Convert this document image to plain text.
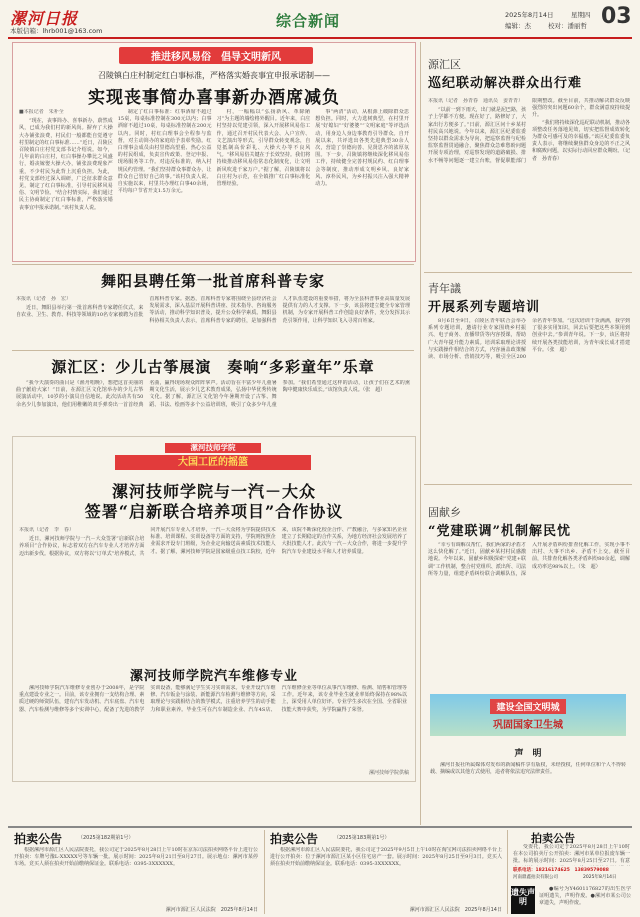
漯河日报
本版信箱：lhrb001@163.com
综合新闻	2025年8月14日	星期四
编辑：杰	校对：潘丽哲 03
推进移风易俗 倡导文明新风
召陵镇白庄村制定红白事标准，严格落实婚丧事宜申报承诺制——
实现丧事简办喜事新办酒席减负
■本报记者　朱补全

“现在，丧事简办、喜事新办，蔚然成风，已成为我们村的新风尚。摒弃了大操大办铺张浪费，村民们一般都能自觉遵守村里制定的红白事标准……”近日，召陵区召陵镇白庄村党支部书记介绍说。如今，几年前的白庄村，红白事操办攀比之风盛行，婚丧嫁娶大操大办，铺张浪费现象严重，不少村民为此背上沉重负担。为此，村党支部经过深入调研，广泛征求群众意见，制定了红白事标准，引导村民移风易俗、文明节俭。“结合村情实际，我们通过民主协商制定了红白事标准，严格落实婚丧事宜申报承诺制。”该村负责人说。

制定了红白事标准：红事酒席不超过15桌，每桌标准控制在300元以内；白事酒席不超过10桌，每桌标准控制在200元以内。同时，村红白理事会全程参与监督，对主动简办的家庭给予表彰奖励。红白理事会成员由村里德高望重、热心公益的村民组成，负责宣传政策、登记申报、现场服务等工作。对违反标准的，纳入村规民约管理。“我们坚持群众事群众办，让群众自己管好自己的事。”该村负责人说。自实施以来，村里共办理红白事40余场，平均每户节省开支1.5万余元。

村，一幅幅以“弘扬新风、革除陋习”为主题的墙绘格外醒目。近年来，白庄村坚持以党建引领，深入开展移风易俗工作，通过召开村民代表大会、入户宣传、文艺演出等形式，引导群众转变观念，自觉抵制高价彩礼、大操大办等不良风气。“移风易俗关键在于长效坚持。我们将持续推动移风易俗常态化制度化，让文明新风吹进千家万户。”据了解，召陵镇将以白庄村为示范，在全镇推广红白事标准化管理经验。

事“两清”活动，从根源上破除群众思想负担。同时，大力选树典型，在村里开展“好媳妇”“好婆婆”“文明家庭”等评选活动，用身边人身边事教育引导群众。自开展以来，共评选出各类先进典型30余人次，营造了崇德向善、见贤思齐的浓厚氛围。下一步，召陵镇将继续深化移风易俗工作，持续健全完善村规民约、红白理事会等制度，推动形成文明乡风、良好家风、淳朴民风，为乡村振兴注入强大精神动力。

源汇区
巡纪联动解决群众出行难
本报讯（记者　孙青春　通讯员　姜青青）

“以前一到下雨天，出门就是泥巴路，孩子上学都不方便。现在好了，路修好了，大家出行方便多了。”日前，源汇区问十乡某村村民高兴地说。今年以来，源汇区纪委监委坚持以群众需求为导向，把巡察监督与纪检监察监督贯通融合，聚焦群众急难愁盼问题开展专项治理，对巡察发现的道路破损、排水不畅等问题逐一建立台账，督促职能部门限期整改。截至目前，共推动解决群众反映强烈的突出问题60余个，群众满意度持续提升。

“我们将持续深化巡纪联动机制，推动各项整改任务落地见效，切实把监督成效转化为群众可感可及的幸福感。”该区纪委监委负责人表示，将继续聚焦群众身边的不正之风和腐败问题，以实际行动回应群众期盼。（记者　孙青春）

青年議
开展系列专题培训

8月6日至9日，召陵区青年联合会举办系列专题培训，邀请行业专家围绕乡村振兴、电子商务、直播带货等内容授课，帮助广大青年提升能力素质。培训采取理论讲授与实践操作相结合的方式，内容涵盖政策解读、市场分析、营销技巧等，吸引全区200余名青年参加。“这次培训干货满满，我学到了很多实用知识，回去后要把这些本领用到创业中去。”参训青年说。下一步，该区将持续开展各类技能培训，为青年成长成才搭建平台。（张　超）

固献乡
“党建联调”机制解民忧

“幸亏有调解员帮忙，我们两家的矛盾才这么快化解了。”近日，固献乡某村村民感激地说。今年以来，固献乡积极探索“党建+联调”工作机制，整合村党组织、派出所、司法所等力量，组建矛盾纠纷联合调解队伍，深入开展矛盾纠纷排查化解工作，实现小事不出村、大事不出乡、矛盾不上交。截至目前，共排查化解各类矛盾纠纷80余起，调解成功率达98%以上。（朱　超）

建设全国文明城
巩固国家卫生城
声　明

漯河日报社所属媒体对发布的新闻稿件享有版权，未经授权，任何单位和个人不得转载、摘编或以其他方式使用，违者将依法追究法律责任。

舞阳县聘任第一批首席科普专家
本报讯（记者　孙　宏）

近日，舞阳县举行第一批首席科普专家聘任仪式，来自农业、卫生、教育、科技等领域的10名专家被聘为首批首席科普专家。据悉，首席科普专家将围绕全县经济社会发展需求，深入基层开展科普讲座、技术指导、咨询服务等活动，推动科学知识普及，提升公众科学素质。舞阳县科协相关负责人表示，首席科普专家的聘任，是加强科普人才队伍建设的重要举措，将为全县科普事业高质量发展提供有力的人才支撑。下一步，该县将建立健全专家管理机制，为专家开展科普工作创造良好条件，充分发挥其示范引领作用，让科学知识飞入寻常百姓家。

源汇区：少儿古筝展演　奏响“多彩童年”乐章

“我今天演奏的曲目是《渔舟唱晚》，想把这首美丽的曲子献给大家！”日前，在源汇区文化馆举办的少儿古筝展演活动中，10岁的小演员自信地说。此次活动共有50余名少儿参加演出，他们用稚嫩的双手弹奏出一首首经典名曲，赢得现场观众阵阵掌声。活动旨在丰富少年儿童暑期文化生活，展示少儿艺术教育成果，弘扬中华优秀传统文化。据了解，源汇区文化馆今年暑期开设了古筝、舞蹈、书法、绘画等多个公益培训班，吸引了众多少年儿童参加。“我们希望通过这样的活动，让孩子们在艺术的熏陶中健康快乐成长。”该馆负责人说。（张　超）

漯河技师学院
大国工匠的摇篮
漯河技师学院与一汽－大众
签署“启新联合培养项目”合作协议
本报讯（记者　李　春）

近日，漯河技师学院与一汽－大众签署“启新联合培养项目”合作协议，标志着双方在汽车专业人才培养方面迈出新步伐。根据协议，双方将以“订单式”培养模式，共同开展汽车专业人才培养，一汽－大众将为学院提供技术标准、培训课程、实训设备等方面的支持，学院则按照企业需求开设专门班级，为企业定向输送高素质技术技能人才。据了解，漯河技师学院是国家级重点技工院校，近年来，该院不断深化校企合作、产教融合，与多家知名企业建立了长期稳定的合作关系，为地方经济社会发展培养了大批技能人才。此次与一汽－大众合作，将进一步提升学院汽车专业建设水平和人才培养质量。

漯河技师学院汽车维修专业

漯河技师学院汽车维修专业创办于2008年，是学院重点建设专业之一。目前，该专业拥有一支结构合理、素质过硬的师资队伍，建有汽车发动机、汽车底盘、汽车电器、汽车检测与维修等多个实训中心，配备了先进的教学实训设备，能够满足学生实习实训需求。专业开设汽车维修、汽车钣金与涂装、新能源汽车检测与维修等方向，采取理论与实践相结合的教学模式，注重培养学生的动手能力和职业素养。毕业生可在汽车制造企业、汽车4S店、汽车维修企业等单位从事汽车维修、检测、销售和管理等工作。近年来，该专业毕业生就业率始终保持在98%以上，深受用人单位好评。专业学生多次在全国、全省职业技能大赛中获奖，为学院赢得了荣誉。

漯河技师学院供稿
拍卖公告	（2025第182期第1号）

根据漯河市源汇区人民法院委托，我公司定于2025年8月28日上午10时在京东司法拍卖网络平台上进行公开拍卖：车牌号豫L·XXXXX号等车辆一批。展示时间：2025年8月21日至8月27日。展示地点：漯河市某停车场。竞买人须在拍卖开始前缴纳保证金。联系电话：0395-3XXXXXX。

漯河市源汇区人民法院　2025年8月14日
拍卖公告	（2025第183期第1号）

根据漯河市源汇区人民法院委托，我公司定于2025年9月5日上午10时在淘宝网司法拍卖网络平台上进行公开拍卖：位于漯河市源汇区某小区住宅房产一套。展示时间：2025年8月25日至9月3日。竞买人须在拍卖开始前缴纳保证金。联系电话：0395-3XXXXXX。

漯河市源汇区人民法院　2025年8月14日
拍卖公告

受委托，我公司定于2025年8月28日上午10时在本公司拍卖厅公开拍卖：漯河市某单位报废车辆一批。标的展示时间：2025年8月25日至27日。有意

联系电话：18216174625　13839579088
河南鼎鑫拍卖有限公司	2025年8月14日
遗失声明

●编号为Y4601176827的出生医学证明遗失，声明作废。●漯河市某公司公章遗失，声明作废。
